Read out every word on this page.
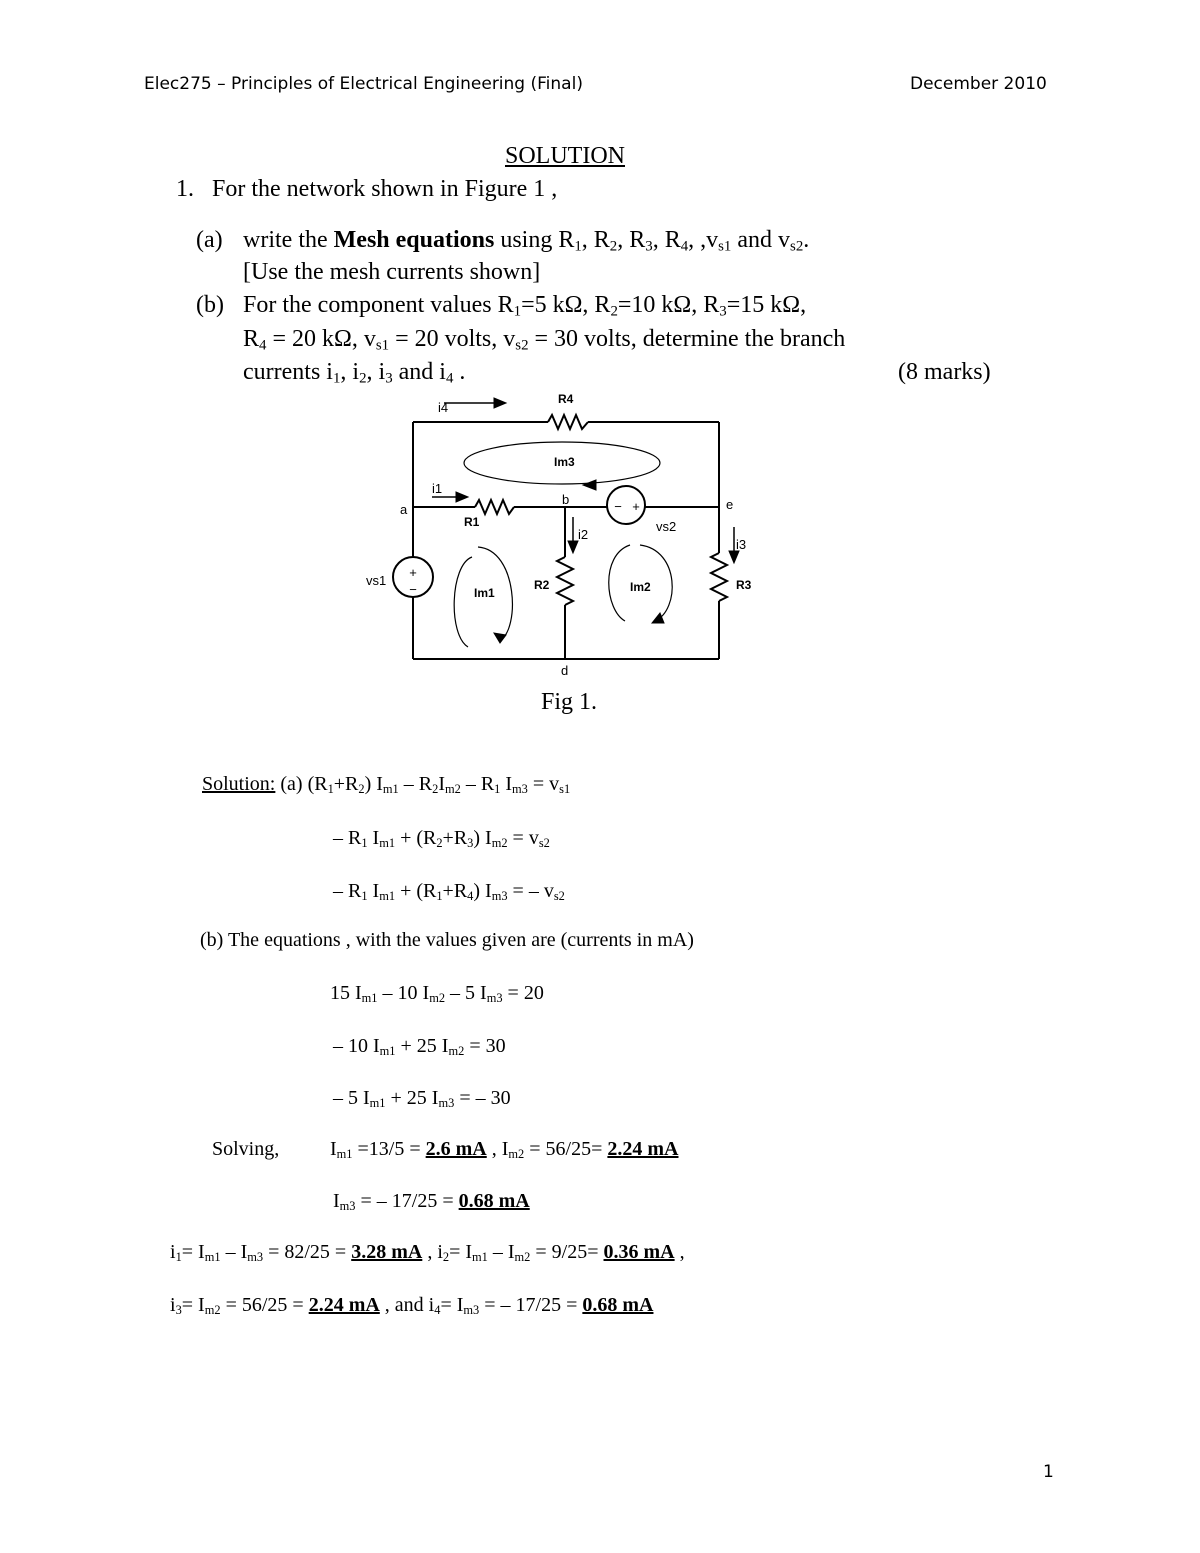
Elec275 – Principles of Electrical Engineering (Final)	December 2010
SOLUTION
1. For the network shown in Figure 1 ,
(a) write the Mesh equations using $R_1$, $R_2$, $R_3$, $R_4$, $,v_{s1}$ and $v_{s2}$.
[Use the mesh currents shown]
(b) For the component values $R_1=5$ kΩ, $R_2=10$ kΩ, $R_3=15$ kΩ,
$R_4 = 20$ kΩ, $v_{s1} = 20$ volts, $v_{s2} = 30$ volts, determine the branch
currents $i_1$, $i_2$, $i_3$ and $i_4$ .	(8 marks)
+
−
− +
i4
R4
Im3
i1
a
b	e
R1
i2
vs2
i3
vs1
Im1
R2	Im2	R3
d
Fig 1.
Solution: (a) $(R_1+R_2)$ $I_{m1} - R_2I_{m2} - R_1$ $I_{m3} = v_{s1}$
– $R_1$ $I_{m1} + (R_2+R_3) I_{m2} = v_{s2}$
– $R_1$ $I_{m1} + (R_1+R_4) I_{m3}$ = – $v_{s2}$
(b) The equations , with the values given are (currents in mA)
15 $I_{m1} - 10$ $I_{m2} - 5$ $I_{m3} = 20$
– 10 $I_{m1} + 25$ $I_{m2} = 30$
– 5 $I_{m1} + 25$ $I_{m3}$ = – 30
Solving,	$I_{m1} =13/5 = 2.6$ mA , $I_{m2} = 56/25= 2.24$ mA
$I_{m3}$ = – 17/25 = 0.68 mA
$i_1= I_{m1} - I_{m3} = 82/25 = 3.28$ mA , $i_2= I_{m1} - I_{m2} = 9/25= 0.36$ mA ,
$i_3= I_{m2} = 56/25 = 2.24$ mA , and $i_4= I_{m3}$ = – 17/25 = 0.68 mA
1
